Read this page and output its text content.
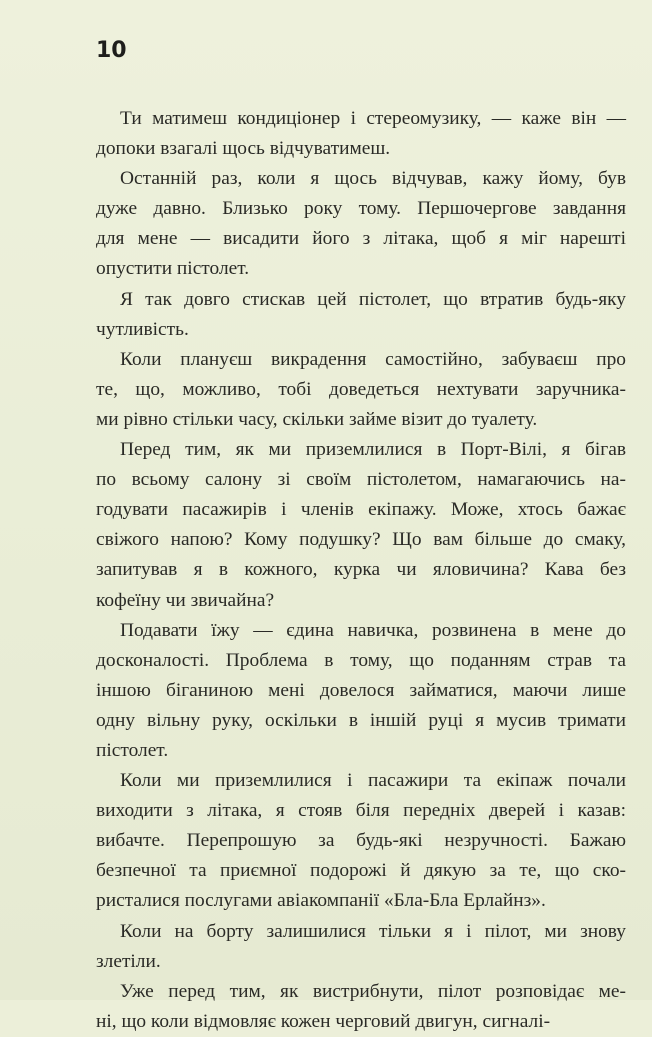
10
Ти матимеш кондиціонер і стереомузику, — каже він —
допоки взагалі щось відчуватимеш.
Останній раз, коли я щось відчував, кажу йому, був
дуже давно. Близько року тому. Першочергове завдання
для мене — висадити його з літака, щоб я міг нарешті
опустити пістолет.
Я так довго стискав цей пістолет, що втратив будь-яку
чутливість.
Коли плануєш викрадення самостійно, забуваєш про
те, що, можливо, тобі доведеться нехтувати заручника-
ми рівно стільки часу, скільки займе візит до туалету.
Перед тим, як ми приземлилися в Порт-Вілі, я бігав
по всьому салону зі своїм пістолетом, намагаючись на-
годувати пасажирів і членів екіпажу. Може, хтось бажає
свіжого напою? Кому подушку? Що вам більше до смаку,
запитував я в кожного, курка чи яловичина? Кава без
кофеїну чи звичайна?
Подавати їжу — єдина навичка, розвинена в мене до
досконалості. Проблема в тому, що поданням страв та
іншою біганиною мені довелося займатися, маючи лише
одну вільну руку, оскільки в іншій руці я мусив тримати
пістолет.
Коли ми приземлилися і пасажири та екіпаж почали
виходити з літака, я стояв біля передніх дверей і казав:
вибачте. Перепрошую за будь-які незручності. Бажаю
безпечної та приємної подорожі й дякую за те, що ско-
ристалися послугами авіакомпанії «Бла-Бла Ерлайнз».
Коли на борту залишилися тільки я і пілот, ми знову
злетіли.
Уже перед тим, як вистрибнути, пілот розповідає ме-
ні, що коли відмовляє кожен черговий двигун, сигналі-
